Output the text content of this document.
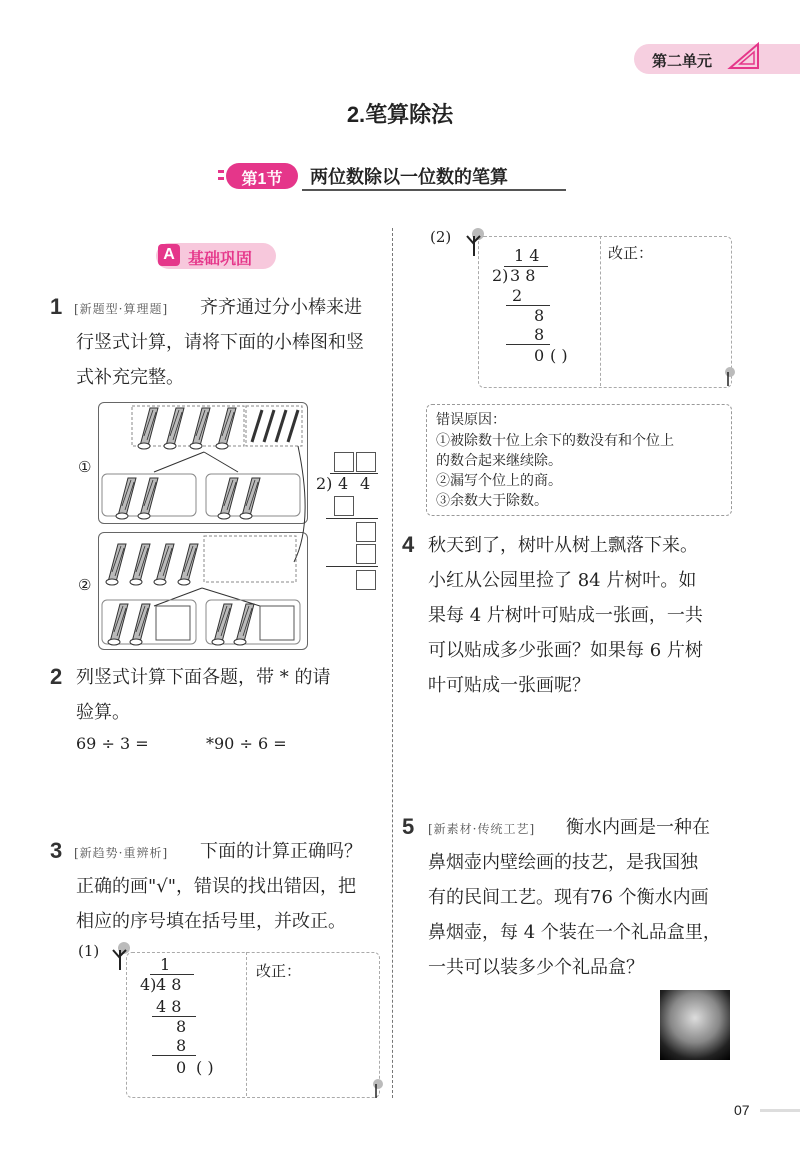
第二单元
2.笔算除法
第1节	两位数除以一位数的笔算
A 基础巩固
1 [新题型·算理题] 齐齐通过分小棒来进
行竖式计算，请将下面的小棒图和竖
式补充完整。
①
②
2) 4 4
2 列竖式计算下面各题，带 * 的请
验算。
69 ÷ 3 =	*90 ÷ 6 =
3 [新趋势·重辨析] 下面的计算正确吗？
正确的画"√"，错误的找出错因，把
相应的序号填在括号里，并改正。
(1)
1
4) 4 8
4 8
8
8
0 ( )
改正：
(2)
1 4
2) 3 8
2
8
8
0 ( )
改正：
错误原因：
①被除数十位上余下的数没有和个位上
的数合起来继续除。
②漏写个位上的商。
③余数大于除数。
4 秋天到了，树叶从树上飘落下来。
小红从公园里捡了 84 片树叶。如
果每 4 片树叶可贴成一张画，一共
可以贴成多少张画？如果每 6 片树
叶可贴成一张画呢？
5 [新素材·传统工艺] 衡水内画是一种在
鼻烟壶内壁绘画的技艺，是我国独
有的民间工艺。现有76 个衡水内画
鼻烟壶，每 4 个装在一个礼品盒里，
一共可以装多少个礼品盒？
07
